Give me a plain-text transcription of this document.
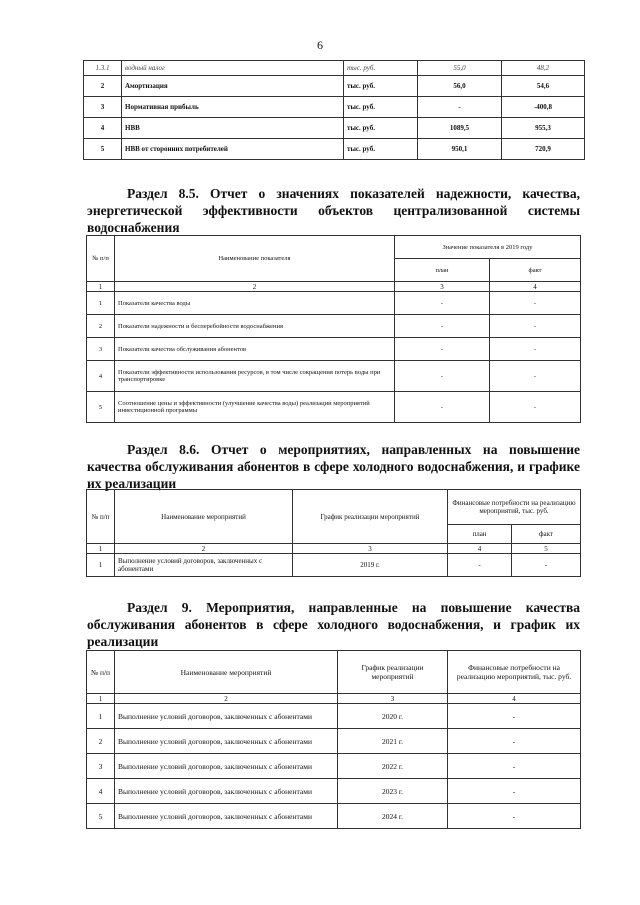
6
1.3.1	водный налог	тыс. руб.	55,0	48,2
2	Амортизация	тыс. руб.	56,0	54,6
3	Нормативная прибыль	тыс. руб.	-	-400,8
4	НВВ	тыс. руб.	1089,5	955,3
5	НВВ от сторонних потребителей	тыс. руб.	950,1	720,9
Раздел 8.5. Отчет о значениях показателей надежности, качества, энергетической эффективности объектов централизованной системы водоснабжения
№ п/п	Наименование показателя	Значение показателя в 2019 году	
		план	факт
1	2	3	4
1	Показатели качества воды	-	-
2	Показатели надежности и бесперебойности водоснабжения	-	-
3	Показатели качества обслуживания абонентов	-	-
4	Показатели эффективности использования ресурсов, в том числе сокращения потерь воды при транспортировке	-	-
5	Соотношение цены и эффективности (улучшение качества воды) реализации мероприятий инвестиционной программы	-	-
Раздел 8.6. Отчет о мероприятиях, направленных на повышение качества обслуживания абонентов в сфере холодного водоснабжения, и графике их реализации
№ п/п	Наименование мероприятий	График реализации мероприятий	Финансовые потребности на реализацию мероприятий, тыс. руб.	
			план	факт
1	2	3	4	5
1	Выполнение условий договоров, заключенных с абонентами	2019 г.	-	-
Раздел 9. Мероприятия, направленные на повышение качества обслуживания абонентов в сфере холодного водоснабжения, и график их реализации
№ п/п	Наименование мероприятий	График реализации мероприятий	Финансовые потребности на реализацию мероприятий, тыс. руб.
1	2	3	4
1	Выполнение условий договоров, заключенных с абонентами	2020 г.	-
2	Выполнение условий договоров, заключенных с абонентами	2021 г.	-
3	Выполнение условий договоров, заключенных с абонентами	2022 г.	-
4	Выполнение условий договоров, заключенных с абонентами	2023 г.	-
5	Выполнение условий договоров, заключенных с абонентами	2024 г.	-
